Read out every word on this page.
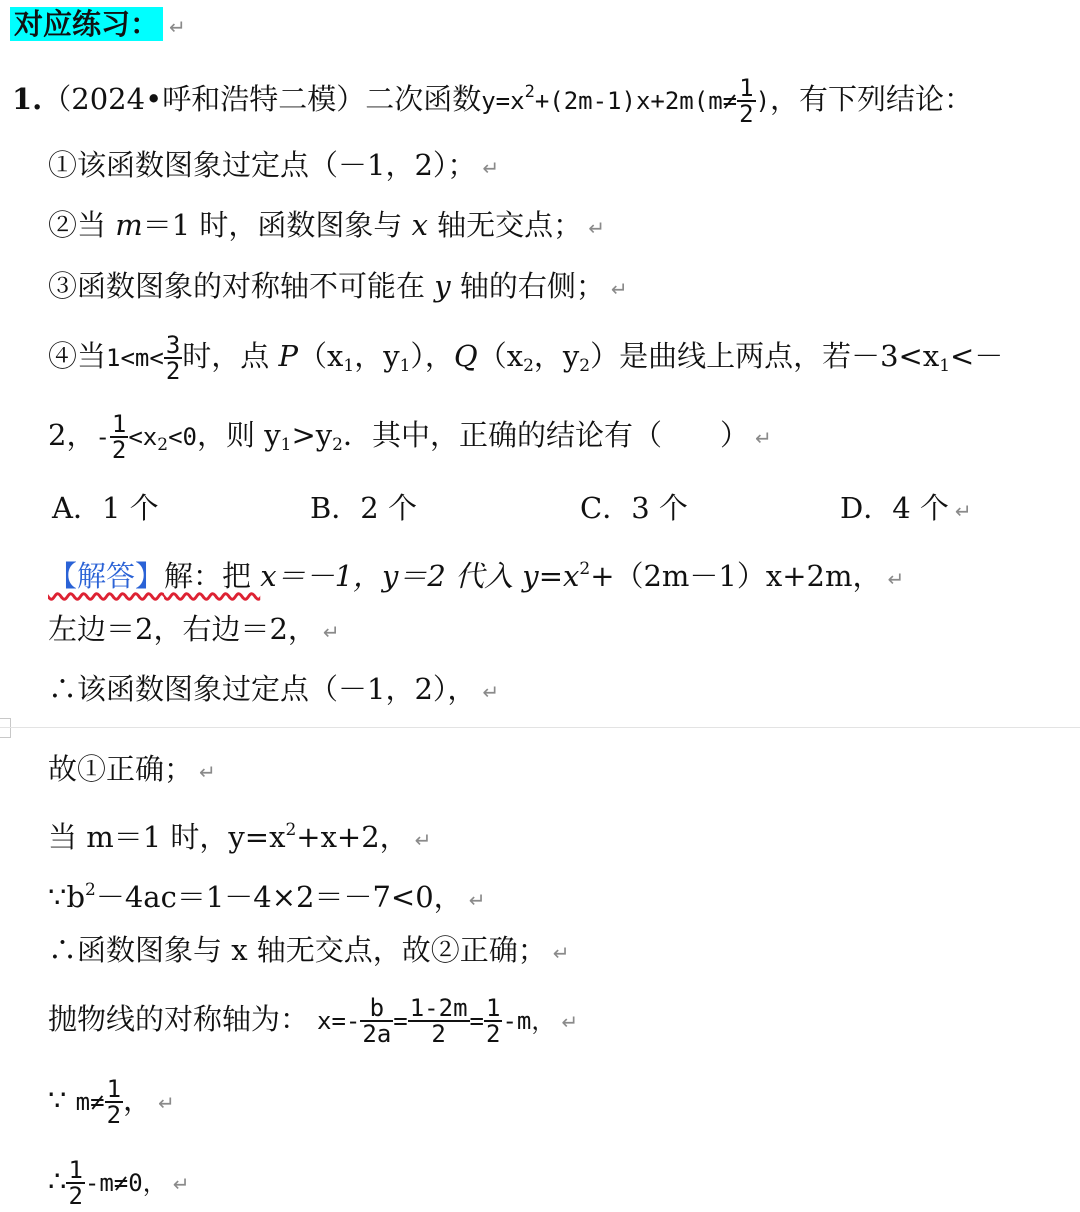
对应练习： ↵
1.（2024•呼和浩特二模）二次函数$y=x^2+(2m-1)x+2m(m\ne \frac{1}{2}$ )，有下列结论：
①该函数图象过定点（－1，2）； ↵
②当 m＝1 时，函数图象与 x 轴无交点； ↵
③函数图象的对称轴不可能在 y 轴的右侧； ↵
④当$1<m< \frac{3}{2}$ 时，点 $P(x_1$，$y_1$），$Q(x_2$，$y_2$）是曲线上两点，若$-3<x_1<-$
2，- $\frac{1}{2} <x_2<0$，则 $y_1>y_2$．其中，正确的结论有（　　） ↵
A．1 个	B．2 个	C．3 个	D．4 个 ↵
【解答】解：把 x＝－1，y＝2 代入 $y=x^2+(2m-1)x+2m$， ↵
左边＝2，右边＝2， ↵
∴该函数图象过定点（－1，2）， ↵
故①正确； ↵
当 m＝1 时，$y=x^2+x+2$， ↵
$\because b^2-4ac=1-4\times 2=-7<0$， ↵
∴函数图象与 x 轴无交点，故②正确； ↵
抛物线的对称轴为： $x=- \frac{b}{2a} = \frac{1-2m}{2} = \frac{1}{2} -m$， ↵
∵ $m\ne \frac{1}{2}$ ， ↵
∴ $\frac{1}{2} -m\ne 0$， ↵
